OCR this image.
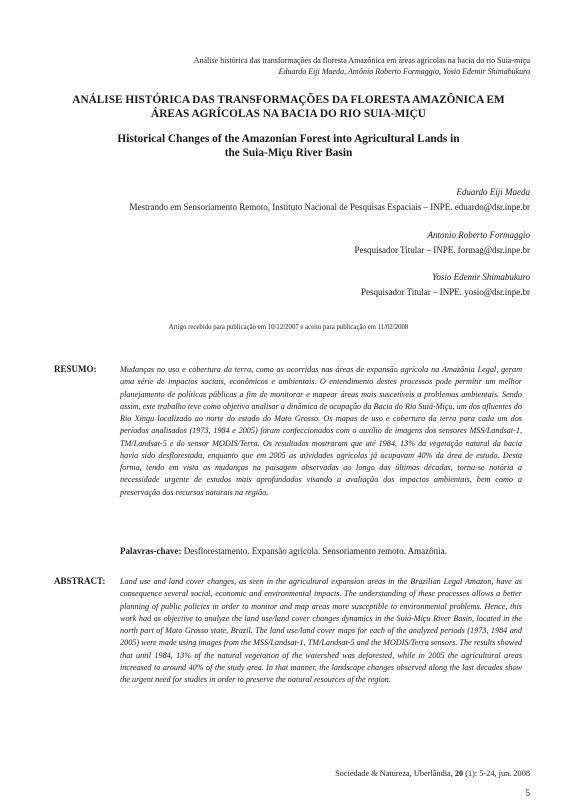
Análise histórica das transformações da floresta Amazônica em áreas agrícolas na bacia do rio Suia-miçu
Eduardo Eiji Maeda, Antônio Roberto Formaggio, Yosio Edemir Shimabukuro
ANÁLISE HISTÓRICA DAS TRANSFORMAÇÕES DA FLORESTA AMAZÔNICA EM
ÁREAS AGRÍCOLAS NA BACIA DO RIO SUIA-MIÇU
Historical Changes of the Amazonian Forest into Agricultural Lands in
the Suia-Miçu River Basin
Eduardo Eiji Maeda
Mestrando em Sensoriamento Remoto, Instituto Nacional de Pesquisas Espaciais – INPE. eduardo@dsr.inpe.br
Antonio Roberto Formaggio
Pesquisador Titular – INPE. formag@dsr.inpe.br
Yosio Edemir Shimabukuro
Pesquisador Titular – INPE. yosio@dsr.inpe.br
Artigo recebido para publicação em 10/12/2007 e aceito para publicação em 11/02/2008
RESUMO:	Mudanças no uso e cobertura da terra, como as ocorridas nas áreas de expansão agrícola na Amazônia Legal, geram uma série de impactos sociais, econômicos e ambientais. O entendimento destes processos pode permitir um melhor planejamento de políticas públicas a fim de monitorar e mapear áreas mais suscetíveis a problemas ambientais. Sendo assim, este trabalho teve como objetivo analisar a dinâmica de ocupação da Bacia do Rio Suiá-Miçu, um dos afluentes do Rio Xingu localizado ao norte do estado do Mato Grosso. Os mapas de uso e cobertura da terra para cada um dos períodos analisados (1973, 1984 e 2005) foram confeccionados com o auxílio de imagens dos sensores MSS/Landsat-1, TM/Landsat-5 e do sensor MODIS/Terra. Os resultados mostraram que até 1984, 13% da vegetação natural da bacia havia sido desflorestada, enquanto que em 2005 as atividades agrícolas já ocupavam 40% da área de estudo. Desta forma, tendo em vista as mudanças na paisagem observadas ao longo das últimas décadas, torna-se notória a necessidade urgente de estudos mais aprofundados visando a avaliação dos impactos ambientais, bem como a preservação dos recursos naturais na região.
Palavras-chave: Desflorestamento. Expansão agrícola. Sensoriamento remoto. Amazônia.
ABSTRACT: Land use and land cover changes, as seen in the agricultural expansion areas in the Brazilian Legal Amazon, have as consequence several social, economic and environmental impacts. The understanding of these processes allows a better planning of public policies in order to monitor and map areas more susceptible to environmental problems. Hence, this work had as objective to analyze the land use/land cover changes dynamics in the Suiá-Miçu River Basin, located in the north part of Mato Grosso state, Brazil. The land use/land cover maps for each of the analyzed periods (1973, 1984 and 2005) were made using images from the MSS/Landsat-1, TM/Landsat-5 and the MODIS/Terra sensors. The results showed that until 1984, 13% of the natural vegetation of the watershed was deforested, while in 2005 the agricultural areas increased to around 40% of the study area. In that manner, the landscape changes observed along the last decades show the urgent need for studies in order to preserve the natural resources of the region.
Sociedade & Natureza, Uberlândia, 20 (1): 5-24, jun. 2008
5
